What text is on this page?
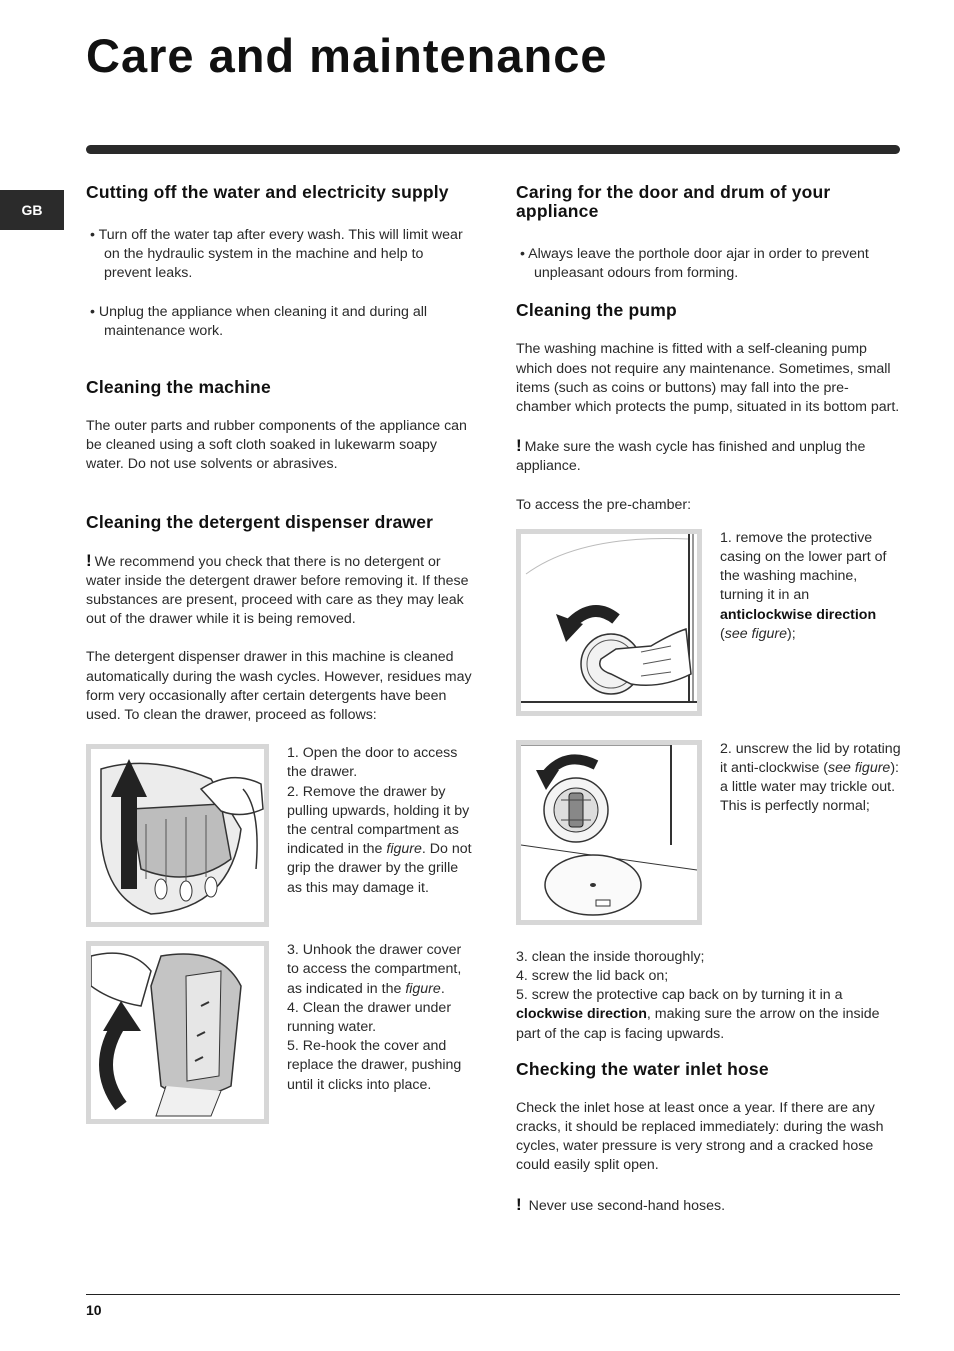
Care and maintenance
GB
Cutting off the water and electricity supply

• Turn off the water tap after every wash. This will limit wear on the hydraulic system in the machine and help to prevent leaks.

• Unplug the appliance when cleaning it and during all maintenance work.

Cleaning the machine

The outer parts and rubber components of the appliance can be cleaned using a soft cloth soaked in lukewarm soapy water. Do not use solvents or abrasives.

Cleaning the detergent dispenser drawer

! We recommend you check that there is no detergent or water inside the detergent drawer before removing it. If these substances are present, proceed with care as they may leak out of the drawer while it is being removed.

The detergent dispenser drawer in this machine is cleaned automatically during the wash cycles. However, residues may form very occasionally after certain detergents have been used. To clean the drawer, proceed as follows:

1. Open the door to access the drawer.

2. Remove the drawer by pulling upwards, holding it by the central compartment as indicated in the figure. Do not grip the drawer by the grille as this may damage it.

3. Unhook the drawer cover to access the compartment, as indicated in the figure.

4. Clean the drawer under running water.

5. Re-hook the cover and replace the drawer, pushing until it clicks into place.

Caring for the door and drum of your appliance

• Always leave the porthole door ajar in order to prevent unpleasant odours from forming.

Cleaning the pump

The washing machine is fitted with a self-cleaning pump which does not require any maintenance. Sometimes, small items (such as coins or buttons) may fall into the pre-chamber which protects the pump, situated in its bottom part.

! Make sure the wash cycle has finished and unplug the appliance.

To access the pre-chamber:

1. remove the protective casing on the lower part of the washing machine, turning it in an anticlockwise direction (see figure);

2. unscrew the lid by rotating it anti-clockwise (see figure): a little water may trickle out. This is perfectly normal;

3. clean the inside thoroughly;

4. screw the lid back on;

5. screw the protective cap back on by turning it in a clockwise direction, making sure the arrow on the inside part of the cap is facing upwards.

Checking the water inlet hose

Check the inlet hose at least once a year. If there are any cracks, it should be replaced immediately: during the wash cycles, water pressure is very strong and a cracked hose could easily split open.

! Never use second-hand hoses.

10
